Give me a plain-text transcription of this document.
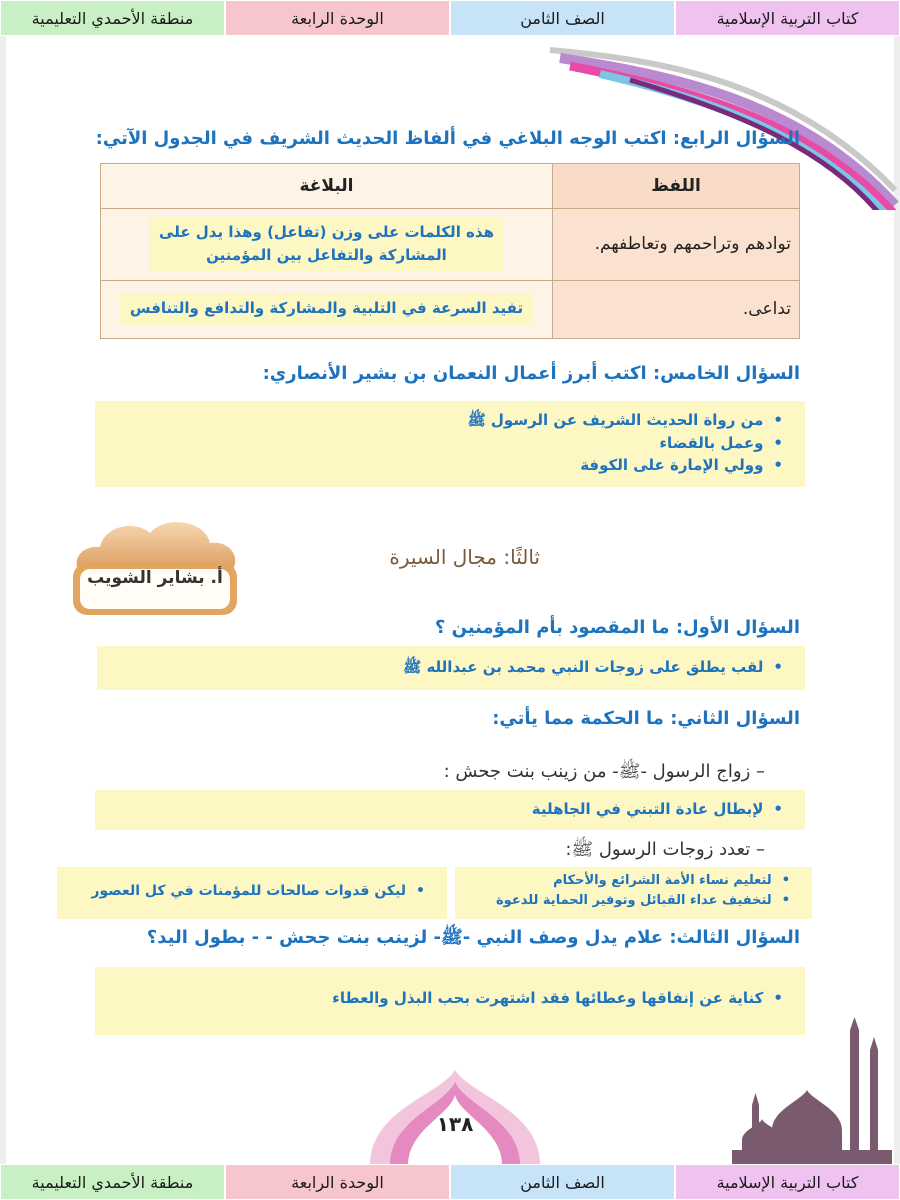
كتاب التربية الإسلامية
الصف الثامن
الوحدة الرابعة
منطقة الأحمدي التعليمية
السؤال الرابع: اكتب الوجه البلاغي في ألفاظ الحديث الشريف في الجدول الآتي:
اللفظ	البلاغة
توادهم وتراحمهم وتعاطفهم.	هذه الكلمات على وزن (تفاعل) وهذا يدل على
المشاركة والتفاعل بين المؤمنين
تداعى.	تفيد السرعة في التلبية والمشاركة والتدافع والتنافس
السؤال الخامس: اكتب أبرز أعمال النعمان بن بشير الأنصاري:
• من رواة الحديث الشريف عن الرسول ﷺ
• وعمل بالقضاء
• وولي الإمارة على الكوفة
أ. بشاير الشويب
ثالثًا: مجال السيرة
السؤال الأول: ما المقصود بأم المؤمنين ؟
• لقب يطلق على زوجات النبي محمد بن عبدالله ﷺ
السؤال الثاني: ما الحكمة مما يأتي:
– زواج الرسول -ﷺ- من زينب بنت جحش :
• لإبطال عادة التبني في الجاهلية
– تعدد زوجات الرسول ﷺ:
• لتعليم نساء الأمة الشرائع والأحكام
• لتخفيف عداء القبائل وتوفير الحماية للدعوة
• ليكن قدوات صالحات للمؤمنات في كل العصور
السؤال الثالث: علام يدل وصف النبي -ﷺ- لزينب بنت جحش - - بطول اليد؟
• كناية عن إنفاقها وعطائها فقد اشتهرت بحب البذل والعطاء
١٣٨
كتاب التربية الإسلامية
الصف الثامن
الوحدة الرابعة
منطقة الأحمدي التعليمية
